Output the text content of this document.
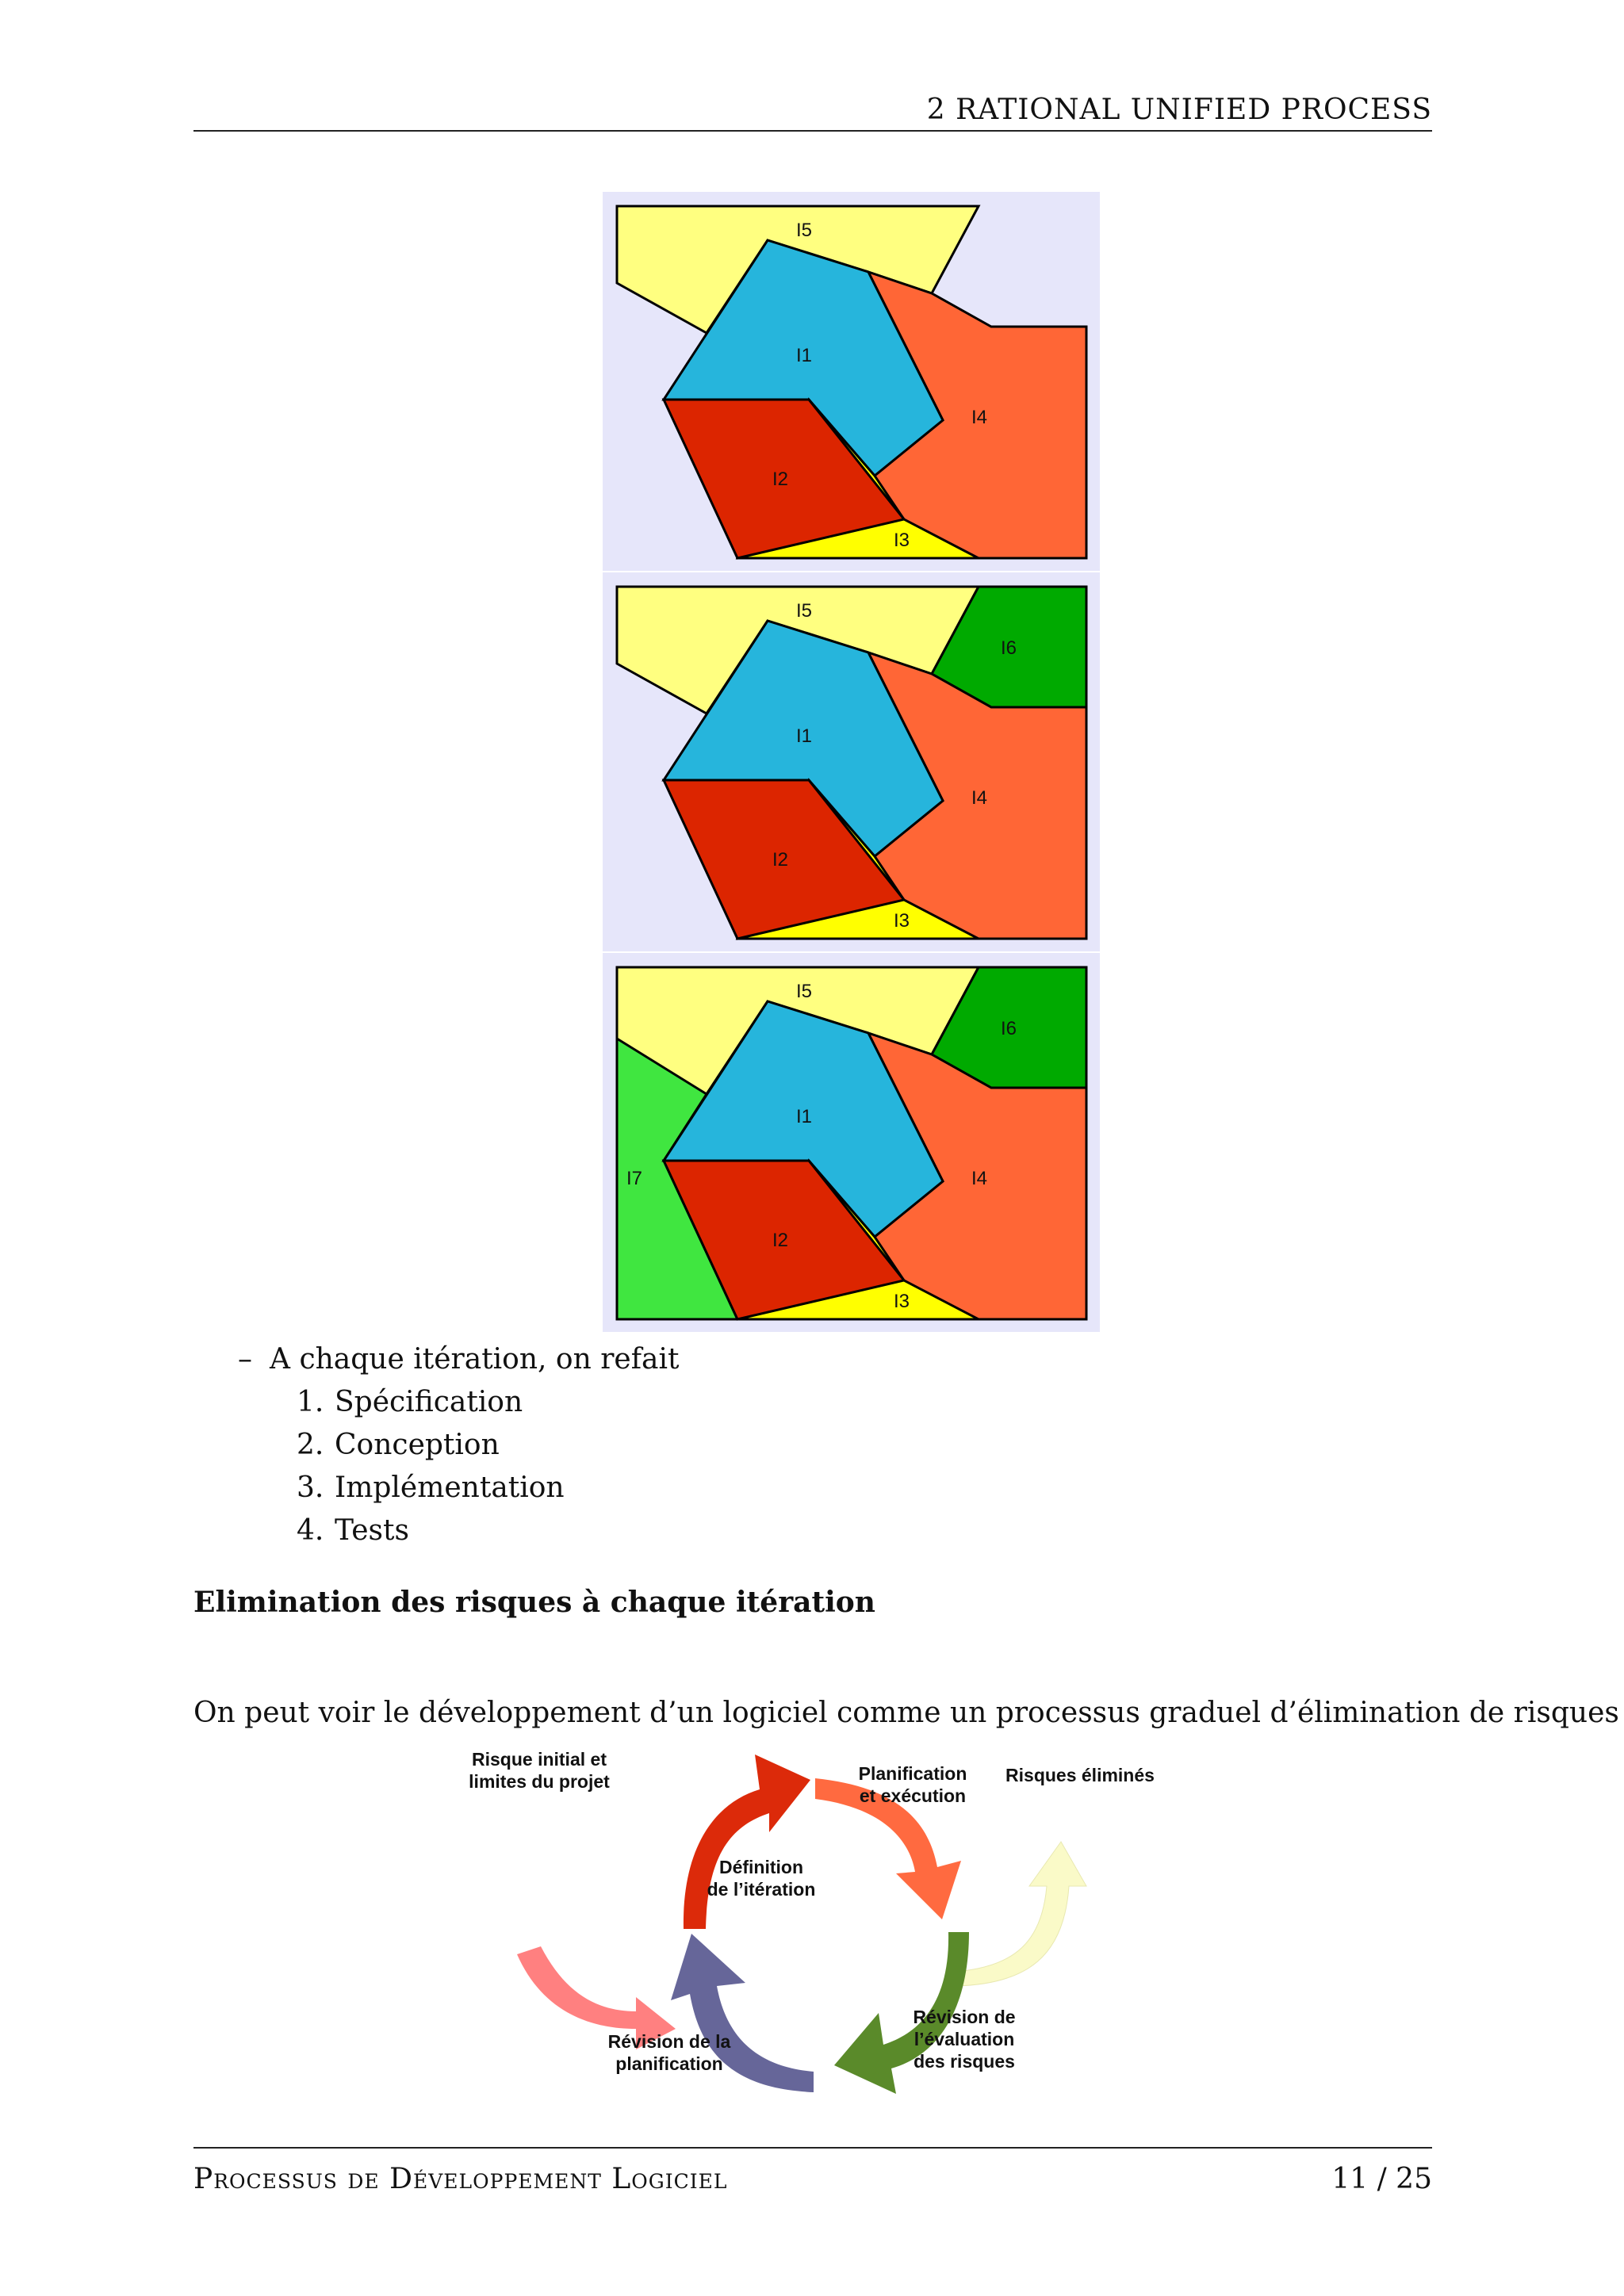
2 RATIONAL UNIFIED PROCESS
I5
I1
I4
I2
I3
I5
I6
I1
I4
I2
I3
I5
I6
I1
I4
I7
I2
I3
– A chaque itération, on refait
1. Spécification
2. Conception
3. Implémentation
4. Tests
Elimination des risques à chaque itération
On peut voir le développement d’un logiciel comme un processus graduel d’élimination de risques
Risque initial et
limites du projet	Planification
et exécution
Risques éliminés
Définition
de l’itération
Révision de
l’évaluation
des risques
Révision de la
planification
Processus de Développement Logiciel	11 / 25
